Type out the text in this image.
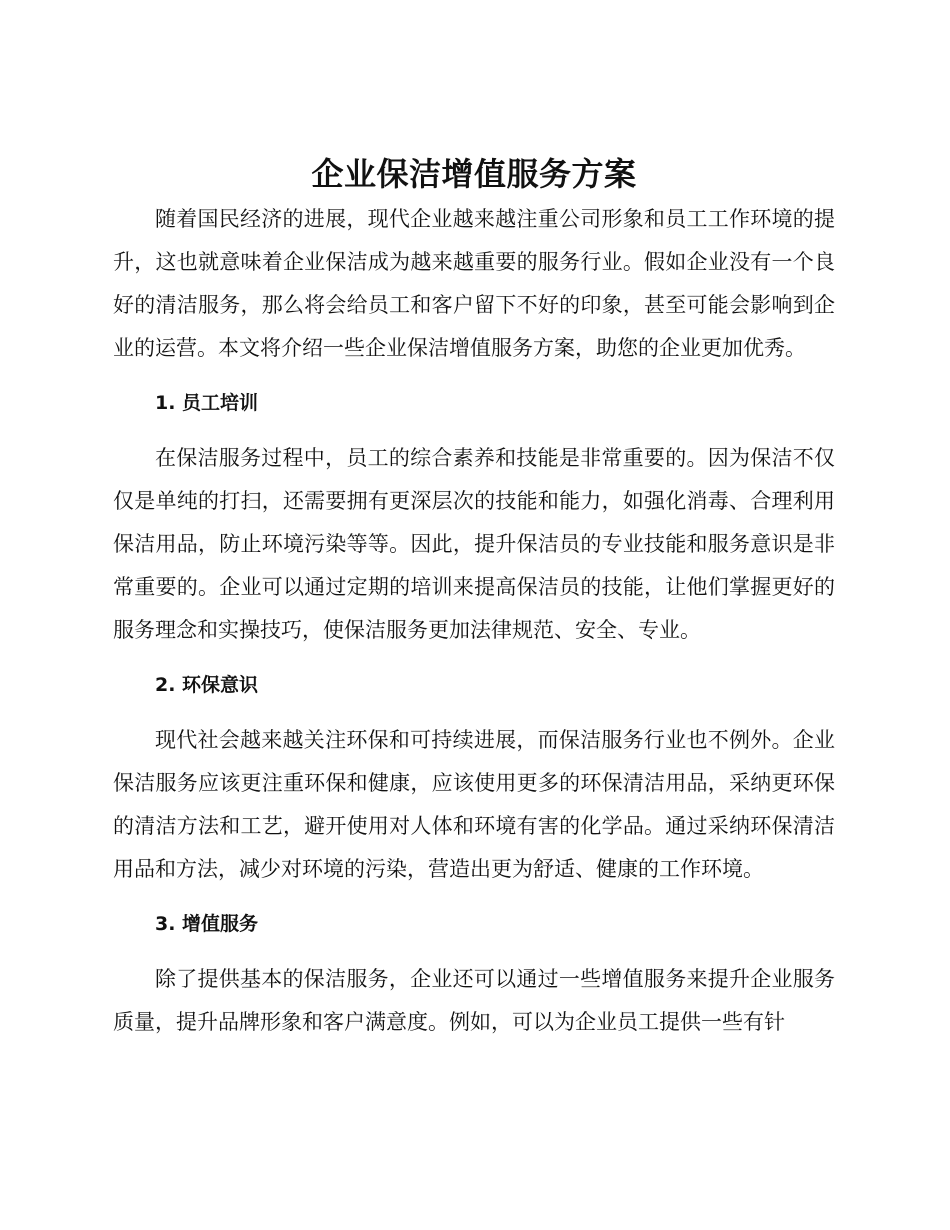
企业保洁增值服务方案

随着国民经济的进展，现代企业越来越注重公司形象和员工工作环境的提升，这也就意味着企业保洁成为越来越重要的服务行业。假如企业没有一个良好的清洁服务，那么将会给员工和客户留下不好的印象，甚至可能会影响到企业的运营。本文将介绍一些企业保洁增值服务方案，助您的企业更加优秀。

1. 员工培训

在保洁服务过程中，员工的综合素养和技能是非常重要的。因为保洁不仅仅是单纯的打扫，还需要拥有更深层次的技能和能力，如强化消毒、合理利用保洁用品，防止环境污染等等。因此，提升保洁员的专业技能和服务意识是非常重要的。企业可以通过定期的培训来提高保洁员的技能，让他们掌握更好的服务理念和实操技巧，使保洁服务更加法律规范、安全、专业。

2. 环保意识

现代社会越来越关注环保和可持续进展，而保洁服务行业也不例外。企业保洁服务应该更注重环保和健康，应该使用更多的环保清洁用品，采纳更环保的清洁方法和工艺，避开使用对人体和环境有害的化学品。通过采纳环保清洁用品和方法，减少对环境的污染，营造出更为舒适、健康的工作环境。

3. 增值服务

除了提供基本的保洁服务，企业还可以通过一些增值服务来提升企业服务质量，提升品牌形象和客户满意度。例如，可以为企业员工提供一些有针
